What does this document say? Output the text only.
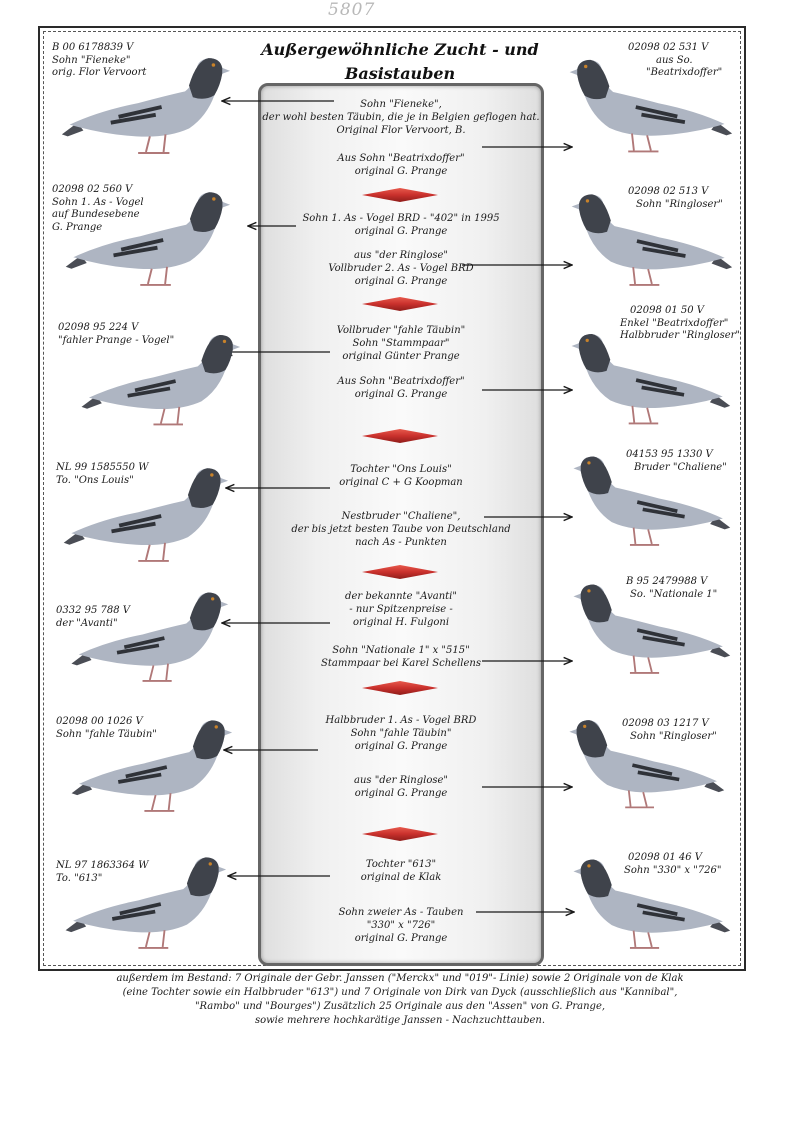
5807
Außergewöhnliche Zucht - und
Basistauben
Sohn "Fieneke",
der wohl besten Täubin, die je in Belgien geflogen hat.
Original Flor Vervoort, B.
Aus Sohn "Beatrixdoffer"
original G. Prange
Sohn 1. As - Vogel BRD - "402" in 1995
original G. Prange
aus "der Ringlose"
Vollbruder 2. As - Vogel BRD
original G. Prange
Vollbruder "fahle Täubin"
Sohn "Stammpaar"
original Günter Prange
Aus Sohn "Beatrixdoffer"
original G. Prange
Tochter "Ons Louis"
original C + G Koopman
Nestbruder "Chaliene",
der bis jetzt besten Taube von Deutschland
nach As - Punkten
der bekannte "Avanti"
- nur Spitzenpreise -
original H. Fulgoni
Sohn "Nationale 1" x "515"
Stammpaar bei Karel Schellens
Halbbruder 1. As - Vogel BRD
Sohn "fahle Täubin"
original G. Prange
aus "der Ringlose"
original G. Prange
Tochter "613"
original de Klak
Sohn zweier As - Tauben
"330" x "726"
original G. Prange
B 00 6178839 V
Sohn "Fieneke"
orig. Flor Vervoort
02098 02 560 V
Sohn 1. As - Vogel
auf Bundesebene
G. Prange
02098 95 224 V
"fahler Prange - Vogel"
NL 99 1585550 W
To. "Ons Louis"
0332 95 788 V
der "Avanti"
02098 00 1026 V
Sohn "fahle Täubin"
NL 97 1863364 W
To. "613"
02098 02 531 V
aus So.
"Beatrixdoffer"
02098 02 513 V
Sohn "Ringloser"
02098 01 50 V
Enkel "Beatrixdoffer"
Halbbruder "Ringloser"
04153 95 1330 V
Bruder "Chaliene"
B 95 2479988 V
So. "Nationale 1"
02098 03 1217 V
Sohn "Ringloser"
02098 01 46 V
Sohn "330" x "726"
außerdem im Bestand: 7 Originale der Gebr. Janssen ("Merckx" und "019"- Linie) sowie 2 Originale von de Klak
(eine Tochter sowie ein Halbbruder "613") und 7 Originale von Dirk van Dyck (ausschließlich aus "Kannibal",
"Rambo" und "Bourges") Zusätzlich 25 Originale aus den "Assen" von G. Prange,
sowie mehrere hochkarätige Janssen - Nachzuchttauben.
